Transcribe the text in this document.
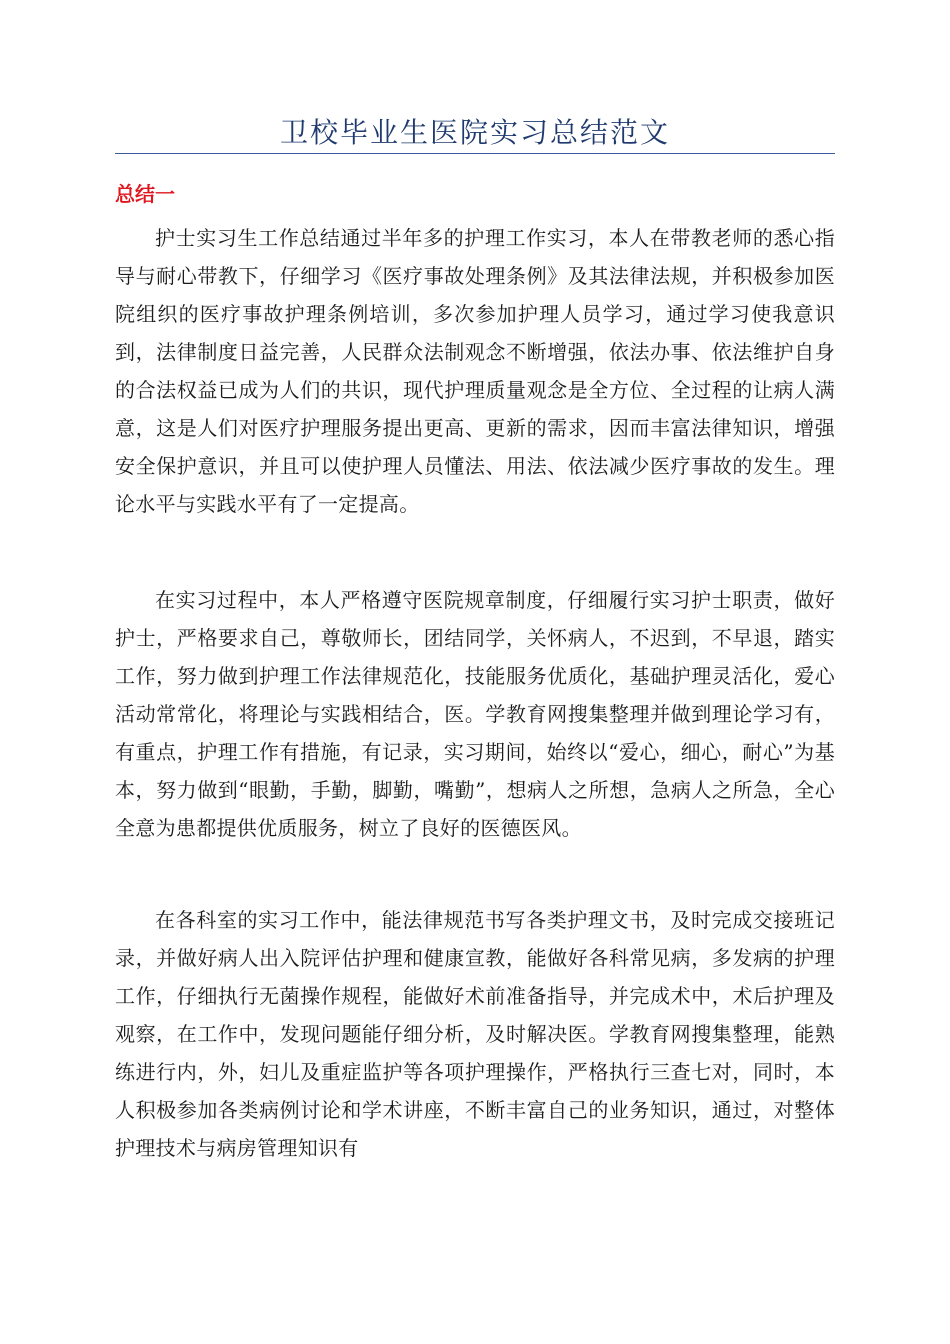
卫校毕业生医院实习总结范文
总结一

护士实习生工作总结通过半年多的护理工作实习，本人在带教老师的悉心指导与耐心带教下，仔细学习《医疗事故处理条例》及其法律法规，并积极参加医院组织的医疗事故护理条例培训，多次参加护理人员学习，通过学习使我意识到，法律制度日益完善，人民群众法制观念不断增强，依法办事、依法维护自身的合法权益已成为人们的共识，现代护理质量观念是全方位、全过程的让病人满意，这是人们对医疗护理服务提出更高、更新的需求，因而丰富法律知识，增强安全保护意识，并且可以使护理人员懂法、用法、依法减少医疗事故的发生。理论水平与实践水平有了一定提高。

在实习过程中，本人严格遵守医院规章制度，仔细履行实习护士职责，做好护士，严格要求自己，尊敬师长，团结同学，关怀病人，不迟到，不早退，踏实工作，努力做到护理工作法律规范化，技能服务优质化，基础护理灵活化，爱心活动常常化，将理论与实践相结合，医。学教育网搜集整理并做到理论学习有，有重点，护理工作有措施，有记录，实习期间，始终以“爱心，细心，耐心”为基本，努力做到“眼勤，手勤，脚勤，嘴勤”，想病人之所想，急病人之所急，全心全意为患都提供优质服务，树立了良好的医德医风。

在各科室的实习工作中，能法律规范书写各类护理文书，及时完成交接班记录，并做好病人出入院评估护理和健康宣教，能做好各科常见病，多发病的护理工作，仔细执行无菌操作规程，能做好术前准备指导，并完成术中，术后护理及观察，在工作中，发现问题能仔细分析，及时解决医。学教育网搜集整理，能熟练进行内，外，妇儿及重症监护等各项护理操作，严格执行三查七对，同时，本人积极参加各类病例讨论和学术讲座，不断丰富自己的业务知识，通过，对整体护理技术与病房管理知识有
